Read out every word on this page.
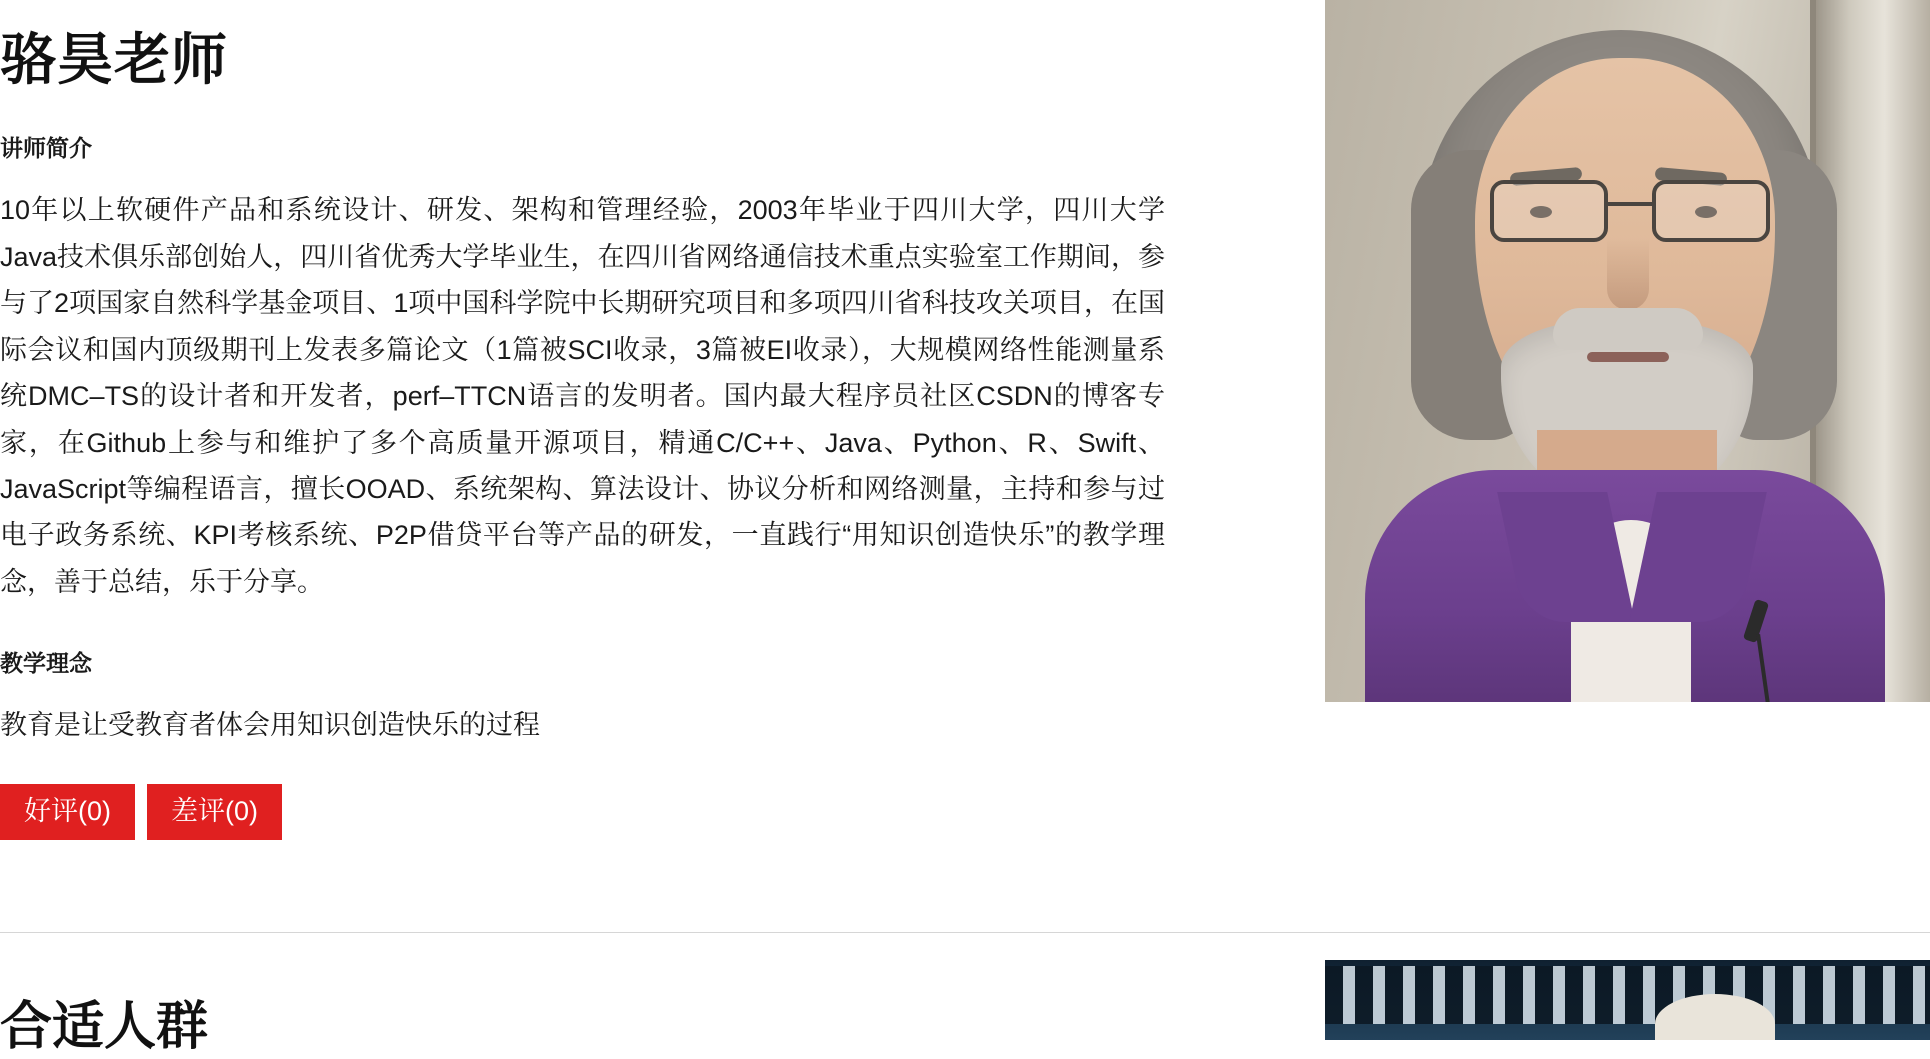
骆昊老师
讲师简介

10年以上软硬件产品和系统设计、研发、架构和管理经验，2003年毕业于四川大学，四川大学Java技术俱乐部创始人，四川省优秀大学毕业生，在四川省网络通信技术重点实验室工作期间，参与了2项国家自然科学基金项目、1项中国科学院中长期研究项目和多项四川省科技攻关项目，在国际会议和国内顶级期刊上发表多篇论文（1篇被SCI收录，3篇被EI收录），大规模网络性能测量系统DMC–TS的设计者和开发者，perf–TTCN语言的发明者。国内最大程序员社区CSDN的博客专家，在Github上参与和维护了多个高质量开源项目，精通C/C++、Java、Python、R、Swift、JavaScript等编程语言，擅长OOAD、系统架构、算法设计、协议分析和网络测量，主持和参与过电子政务系统、KPI考核系统、P2P借贷平台等产品的研发，一直践行“用知识创造快乐”的教学理念，善于总结，乐于分享。

教学理念

教育是让受教育者体会用知识创造快乐的过程

好评(0)	差评(0)
合适人群
